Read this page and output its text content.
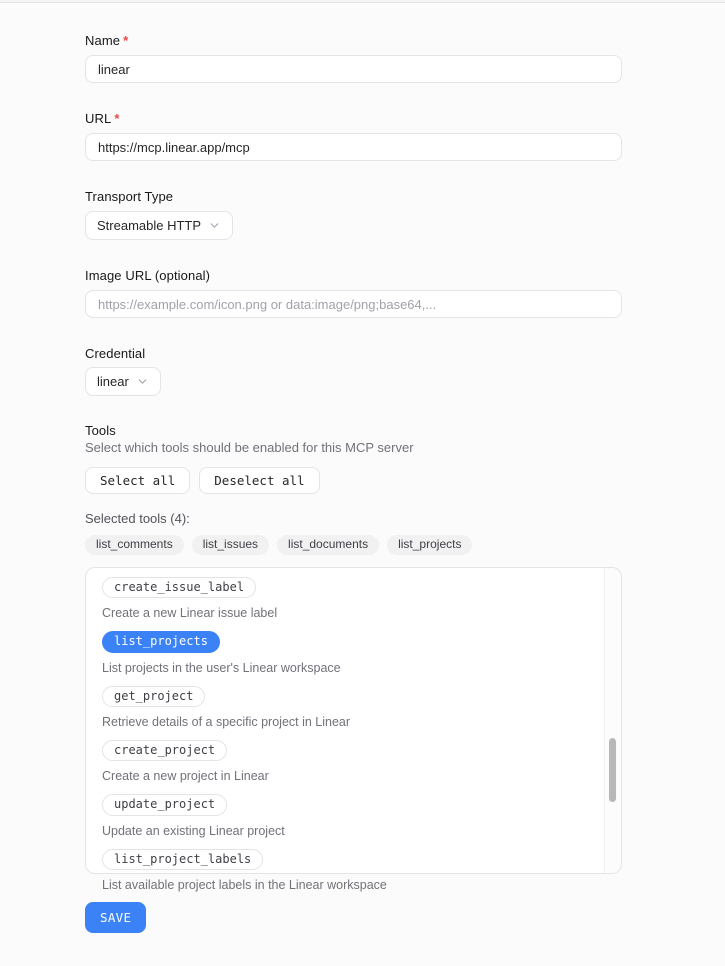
Name *
linear
URL *
https://mcp.linear.app/mcp
Transport Type
Streamable HTTP
Image URL (optional)
https://example.com/icon.png or data:image/png;base64,...
Credential
linear
Tools
Select which tools should be enabled for this MCP server
Select all	Deselect all
Selected tools (4):
list_comments	list_issues	list_documents	list_projects
create_issue_label
Create a new Linear issue label
list_projects
List projects in the user's Linear workspace
get_project
Retrieve details of a specific project in Linear
create_project
Create a new project in Linear
update_project
Update an existing Linear project
list_project_labels
List available project labels in the Linear workspace
SAVE
